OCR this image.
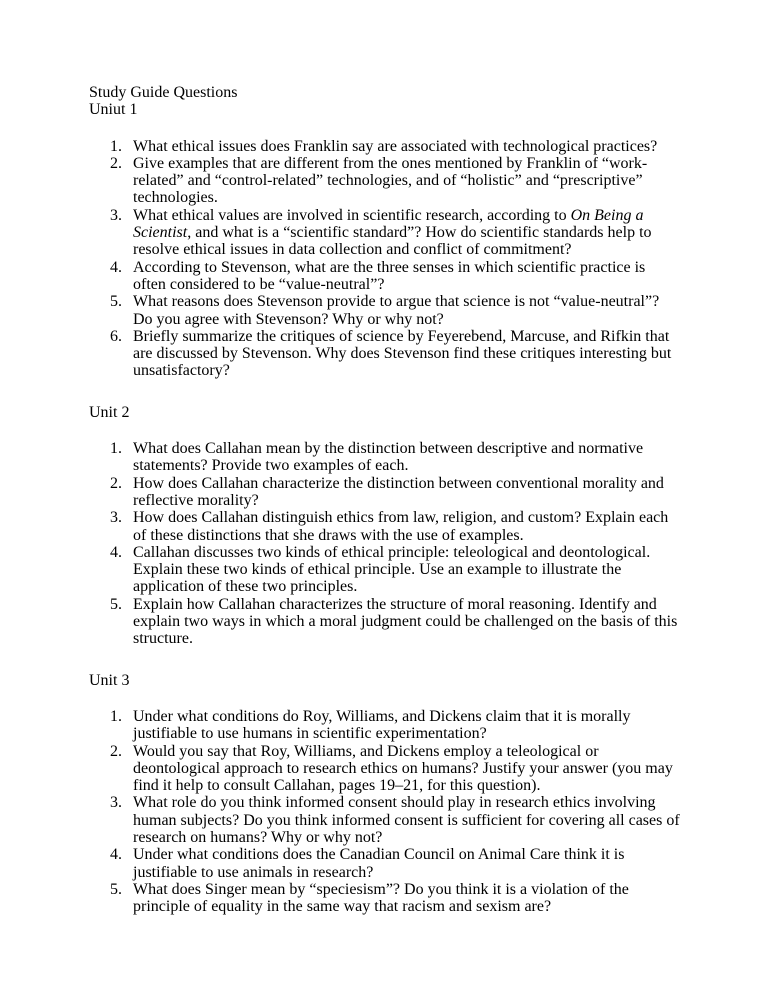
Study Guide Questions

Uniut 1

1. What ethical issues does Franklin say are associated with technological practices?
2. Give examples that are different from the ones mentioned by Franklin of “work-related” and “control-related” technologies, and of “holistic” and “prescriptive” technologies.
3. What ethical values are involved in scientific research, according to On Being a Scientist, and what is a “scientific standard”? How do scientific standards help to resolve ethical issues in data collection and conflict of commitment?
4. According to Stevenson, what are the three senses in which scientific practice is often considered to be “value-neutral”?
5. What reasons does Stevenson provide to argue that science is not “value-neutral”? Do you agree with Stevenson? Why or why not?
6. Briefly summarize the critiques of science by Feyerebend, Marcuse, and Rifkin that are discussed by Stevenson. Why does Stevenson find these critiques interesting but unsatisfactory?

Unit 2

1. What does Callahan mean by the distinction between descriptive and normative statements? Provide two examples of each.
2. How does Callahan characterize the distinction between conventional morality and reflective morality?
3. How does Callahan distinguish ethics from law, religion, and custom? Explain each of these distinctions that she draws with the use of examples.
4. Callahan discusses two kinds of ethical principle: teleological and deontological. Explain these two kinds of ethical principle. Use an example to illustrate the application of these two principles.
5. Explain how Callahan characterizes the structure of moral reasoning. Identify and explain two ways in which a moral judgment could be challenged on the basis of this structure.

Unit 3

1. Under what conditions do Roy, Williams, and Dickens claim that it is morally justifiable to use humans in scientific experimentation?
2. Would you say that Roy, Williams, and Dickens employ a teleological or deontological approach to research ethics on humans? Justify your answer (you may find it help to consult Callahan, pages 19–21, for this question).
3. What role do you think informed consent should play in research ethics involving human subjects? Do you think informed consent is sufficient for covering all cases of research on humans? Why or why not?
4. Under what conditions does the Canadian Council on Animal Care think it is justifiable to use animals in research?
5. What does Singer mean by “speciesism”? Do you think it is a violation of the principle of equality in the same way that racism and sexism are?
